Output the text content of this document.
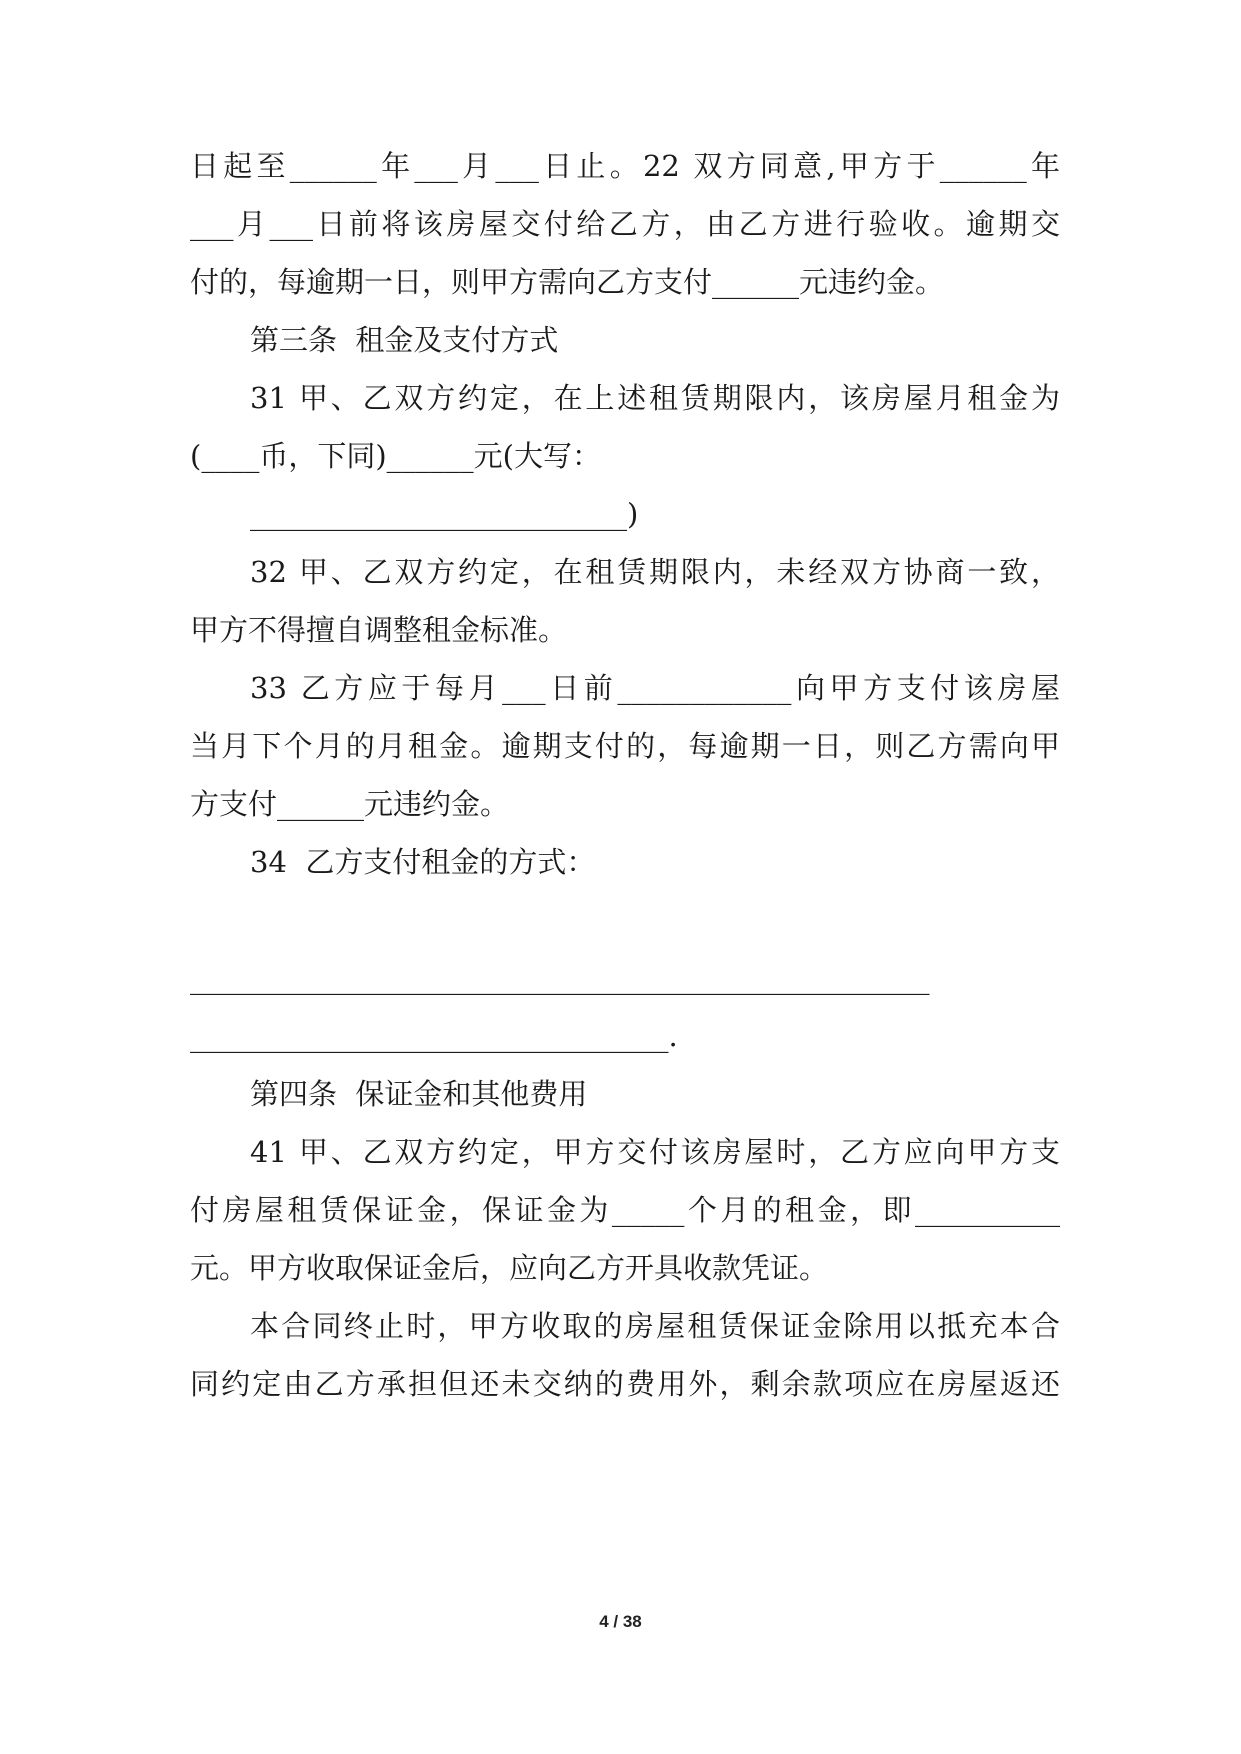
日起至______年___月___日止。22 双方同意,甲方于______年
___月___日前将该房屋交付给乙方，由乙方进行验收。逾期交
付的，每逾期一日，则甲方需向乙方支付______元违约金。
第三条  租金及支付方式
31 甲、乙双方约定，在上述租赁期限内，该房屋月租金为
(____币，下同)______元(大写：
__________________________)
32 甲、乙双方约定，在租赁期限内，未经双方协商一致，
甲方不得擅自调整租金标准。
33 乙方应于每月___日前____________向甲方支付该房屋
当月下个月的月租金。逾期支付的，每逾期一日，则乙方需向甲
方支付______元违约金。
34  乙方支付租金的方式：
___________________________________________________
_________________________________.
第四条  保证金和其他费用
41 甲、乙双方约定，甲方交付该房屋时，乙方应向甲方支
付房屋租赁保证金，保证金为_____个月的租金，即__________
元。甲方收取保证金后，应向乙方开具收款凭证。
本合同终止时，甲方收取的房屋租赁保证金除用以抵充本合
同约定由乙方承担但还未交纳的费用外，剩余款项应在房屋返还
4 / 38
